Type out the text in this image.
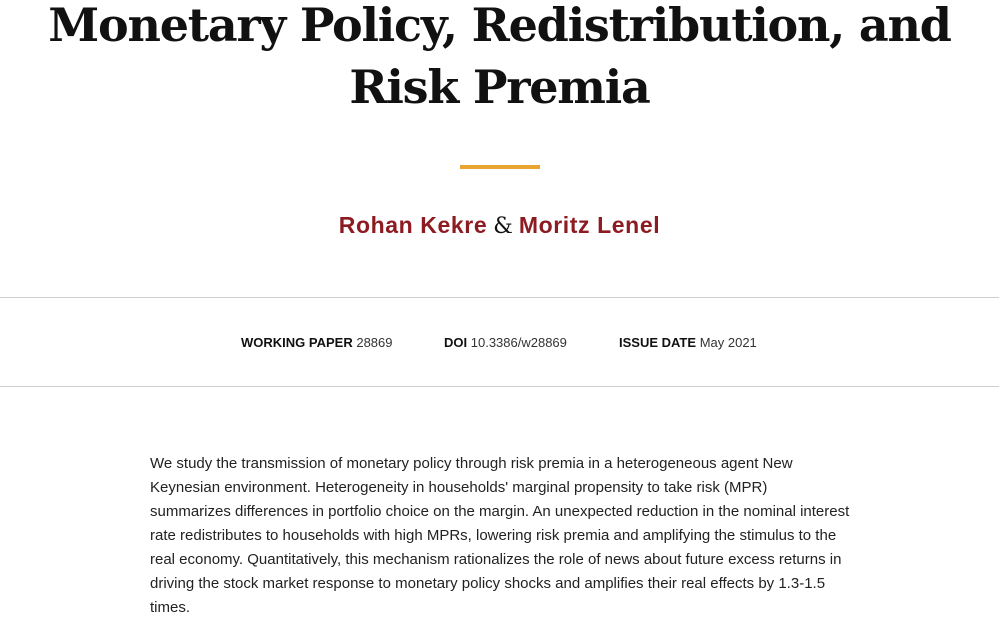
Monetary Policy, Redistribution, and Risk Premia
Rohan Kekre & Moritz Lenel
WORKING PAPER 28869	DOI 10.3386/w28869	ISSUE DATE May 2021

We study the transmission of monetary policy through risk premia in a heterogeneous agent New Keynesian environment. Heterogeneity in households' marginal propensity to take risk (MPR) summarizes differences in portfolio choice on the margin. An unexpected reduction in the nominal interest rate redistributes to households with high MPRs, lowering risk premia and amplifying the stimulus to the real economy. Quantitatively, this mechanism rationalizes the role of news about future excess returns in driving the stock market response to monetary policy shocks and amplifies their real effects by 1.3-1.5 times.
